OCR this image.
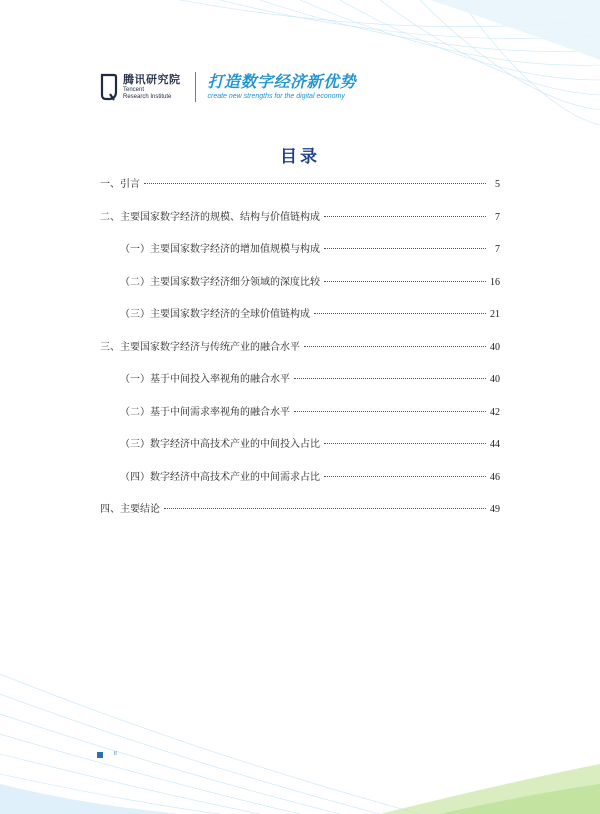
腾讯研究院
Tencent
Research Institute
打造数字经济新优势
create new strengths for the digital economy
目录
一、引言	5
二、主要国家数字经济的规模、结构与价值链构成	7
（一）主要国家数字经济的增加值规模与构成	7
（二）主要国家数字经济细分领域的深度比较	16
（三）主要国家数字经济的全球价值链构成	21
三、主要国家数字经济与传统产业的融合水平	40
（一）基于中间投入率视角的融合水平	40
（二）基于中间需求率视角的融合水平	42
（三）数字经济中高技术产业的中间投入占比	44
（四）数字经济中高技术产业的中间需求占比	46
四、主要结论	49
II
